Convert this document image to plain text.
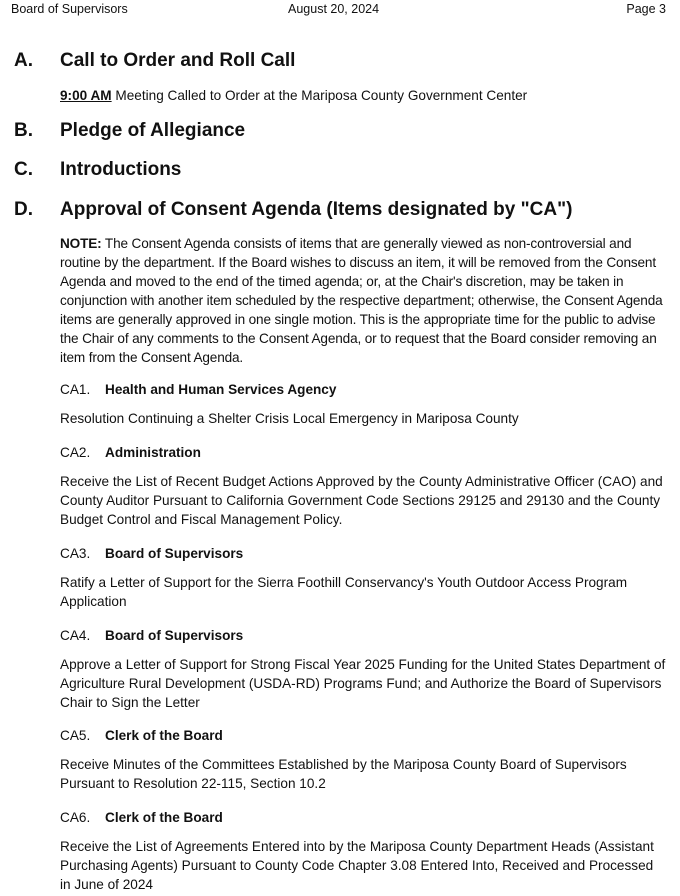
Board of Supervisors	August 20, 2024	Page 3
A. Call to Order and Roll Call
9:00 AM Meeting Called to Order at the Mariposa County Government Center
B. Pledge of Allegiance
C. Introductions
D. Approval of Consent Agenda (Items designated by "CA")
NOTE: The Consent Agenda consists of items that are generally viewed as non-controversial and routine by the department. If the Board wishes to discuss an item, it will be removed from the Consent Agenda and moved to the end of the timed agenda; or, at the Chair's discretion, may be taken in conjunction with another item scheduled by the respective department; otherwise, the Consent Agenda items are generally approved in one single motion. This is the appropriate time for the public to advise the Chair of any comments to the Consent Agenda, or to request that the Board consider removing an item from the Consent Agenda.
CA1. Health and Human Services Agency
Resolution Continuing a Shelter Crisis Local Emergency in Mariposa County
CA2. Administration
Receive the List of Recent Budget Actions Approved by the County Administrative Officer (CAO) and County Auditor Pursuant to California Government Code Sections 29125 and 29130 and the County Budget Control and Fiscal Management Policy.
CA3. Board of Supervisors
Ratify a Letter of Support for the Sierra Foothill Conservancy's Youth Outdoor Access Program Application
CA4. Board of Supervisors
Approve a Letter of Support for Strong Fiscal Year 2025 Funding for the United States Department of Agriculture Rural Development (USDA-RD) Programs Fund; and Authorize the Board of Supervisors Chair to Sign the Letter
CA5. Clerk of the Board
Receive Minutes of the Committees Established by the Mariposa County Board of Supervisors Pursuant to Resolution 22-115, Section 10.2
CA6. Clerk of the Board
Receive the List of Agreements Entered into by the Mariposa County Department Heads (Assistant Purchasing Agents) Pursuant to County Code Chapter 3.08 Entered Into, Received and Processed in June of 2024
